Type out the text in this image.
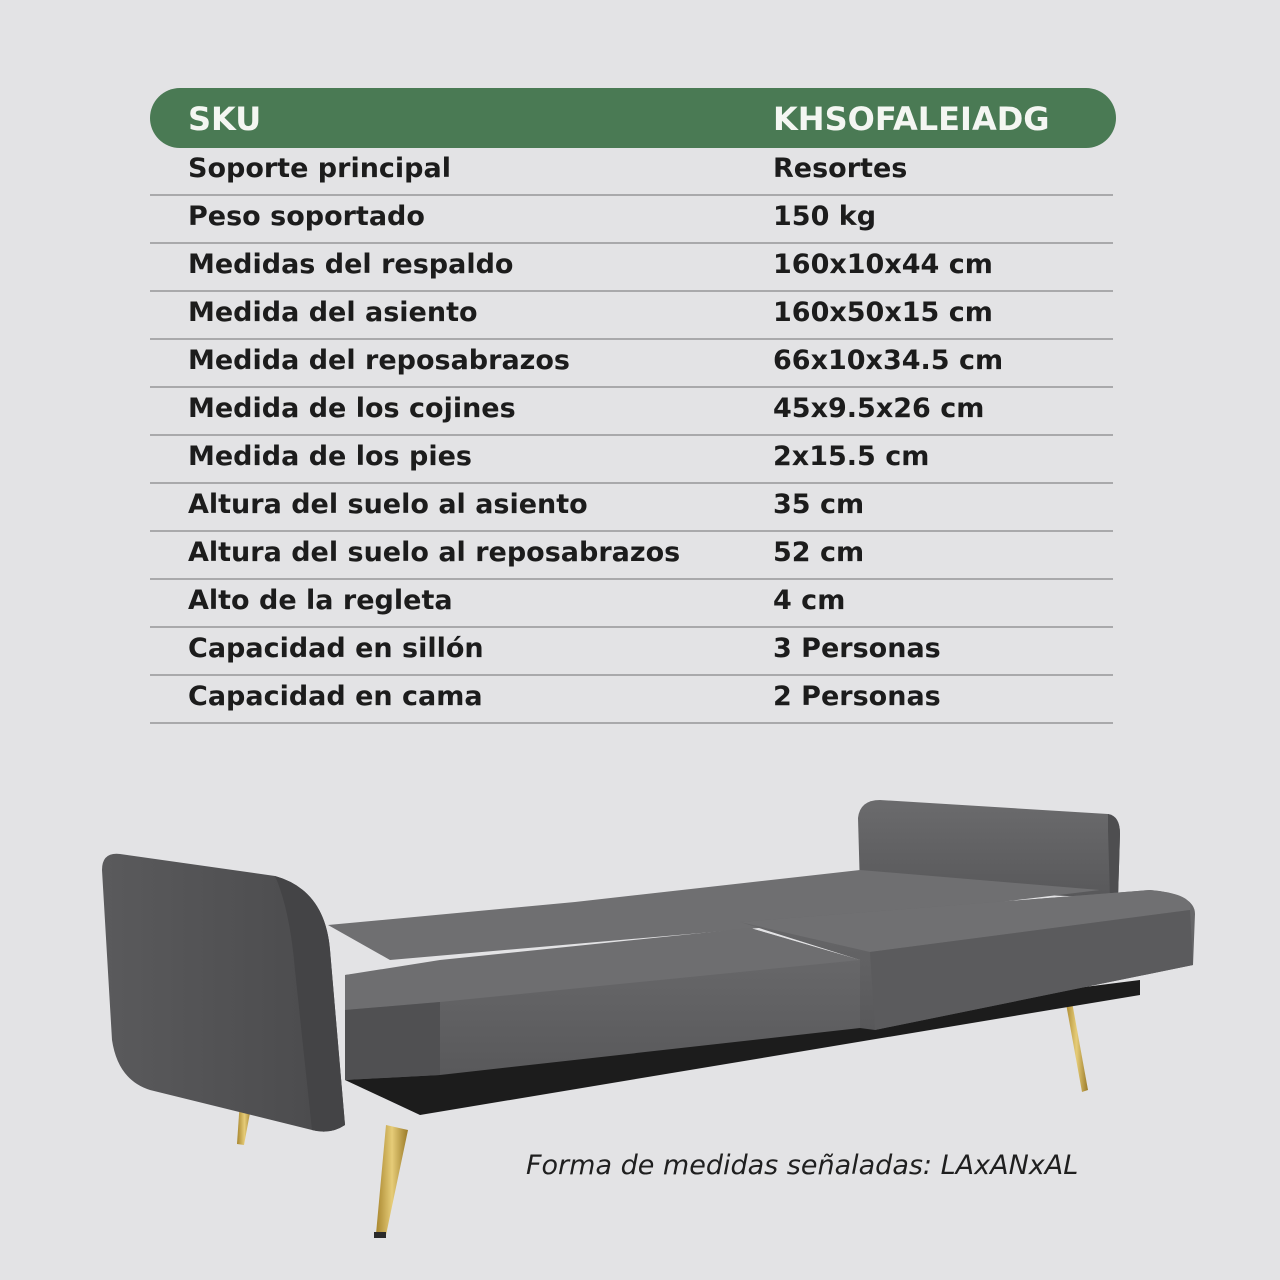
SKU	KHSOFALEIADG
Soporte principal	Resortes
Peso soportado	150 kg
Medidas del respaldo	160x10x44 cm
Medida del asiento	160x50x15 cm
Medida del reposabrazos	66x10x34.5 cm
Medida de los cojines	45x9.5x26 cm
Medida de los pies	2x15.5 cm
Altura del suelo al asiento	35 cm
Altura del suelo al reposabrazos	52 cm
Alto de la regleta	4 cm
Capacidad en sillón	3 Personas
Capacidad en cama	2 Personas
Forma de medidas señaladas: LAxANxAL
